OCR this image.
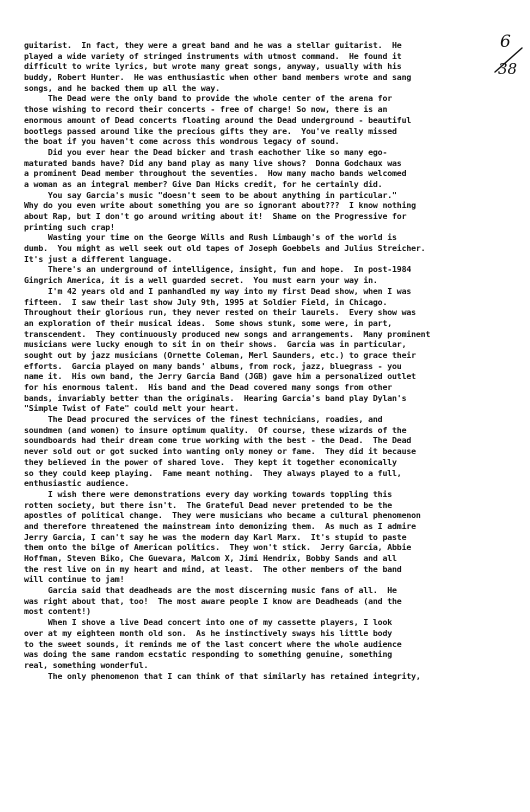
6
38
guitarist.  In fact, they were a great band and he was a stellar guitarist.  He
played a wide variety of stringed instruments with utmost command.  He found it
difficult to write lyrics, but wrote many great songs, anyway, usually with his
buddy, Robert Hunter.  He was enthusiastic when other band members wrote and sang
songs, and he backed them up all the way.
The Dead were the only band to provide the whole center of the arena for
those wishing to record their concerts - free of charge! So now, there is an
enormous amount of Dead concerts floating around the Dead underground - beautiful
bootlegs passed around like the precious gifts they are.  You've really missed
the boat if you haven't come across this wondrous legacy of sound.
Did you ever hear the Dead bicker and trash eachother like so many ego-
maturated bands have? Did any band play as many live shows?  Donna Godchaux was
a prominent Dead member throughout the seventies.  How many macho bands welcomed
a woman as an integral member? Give Dan Hicks credit, for he certainly did.
You say Garcia's music "doesn't seem to be about anything in particular."
Why do you even write about something you are so ignorant about???  I know nothing
about Rap, but I don't go around writing about it!  Shame on the Progressive for
printing such crap!
Wasting your time on the George Wills and Rush Limbaugh's of the world is
dumb.  You might as well seek out old tapes of Joseph Goebbels and Julius Streicher.
It's just a different language.
There's an underground of intelligence, insight, fun and hope.  In post-1984
Gingrich America, it is a well guarded secret.  You must earn your way in.
I'm 42 years old and I panhandled my way into my first Dead show, when I was
fifteen.  I saw their last show July 9th, 1995 at Soldier Field, in Chicago.
Throughout their glorious run, they never rested on their laurels.  Every show was
an exploration of their musical ideas.  Some shows stunk, some were, in part,
transcendent.  They continuously produced new songs and arrangements.  Many prominent
musicians were lucky enough to sit in on their shows.  Garcia was in particular,
sought out by jazz musicians (Ornette Coleman, Merl Saunders, etc.) to grace their
efforts.  Garcia played on many bands' albums, from rock, jazz, bluegrass - you
name it.  His own band, the Jerry Garcia Band (JGB) gave him a personalized outlet
for his enormous talent.  His band and the Dead covered many songs from other
bands, invariably better than the originals.  Hearing Garcia's band play Dylan's
"Simple Twist of Fate" could melt your heart.
The Dead procured the services of the finest technicians, roadies, and
soundmen (and women) to insure optimum quality.  Of course, these wizards of the
soundboards had their dream come true working with the best - the Dead.  The Dead
never sold out or got sucked into wanting only money or fame.  They did it because
they believed in the power of shared love.  They kept it together economically
so they could keep playing.  Fame meant nothing.  They always played to a full,
enthusiastic audience.
I wish there were demonstrations every day working towards toppling this
rotten society, but there isn't.  The Grateful Dead never pretended to be the
apostles of political change.  They were musicians who became a cultural phenomenon
and therefore threatened the mainstream into demonizing them.  As much as I admire
Jerry Garcia, I can't say he was the modern day Karl Marx.  It's stupid to paste
them onto the bilge of American politics.  They won't stick.  Jerry Garcia, Abbie
Hoffman, Steven Biko, Che Guevara, Malcom X, Jimi Hendrix, Bobby Sands and all
the rest live on in my heart and mind, at least.  The other members of the band
will continue to jam!
Garcia said that deadheads are the most discerning music fans of all.  He
was right about that, too!  The most aware people I know are Deadheads (and the
most content!)
When I shove a live Dead concert into one of my cassette players, I look
over at my eighteen month old son.  As he instinctively sways his little body
to the sweet sounds, it reminds me of the last concert where the whole audience
was doing the same random ecstatic responding to something genuine, something
real, something wonderful.
The only phenomenon that I can think of that similarly has retained integrity,
